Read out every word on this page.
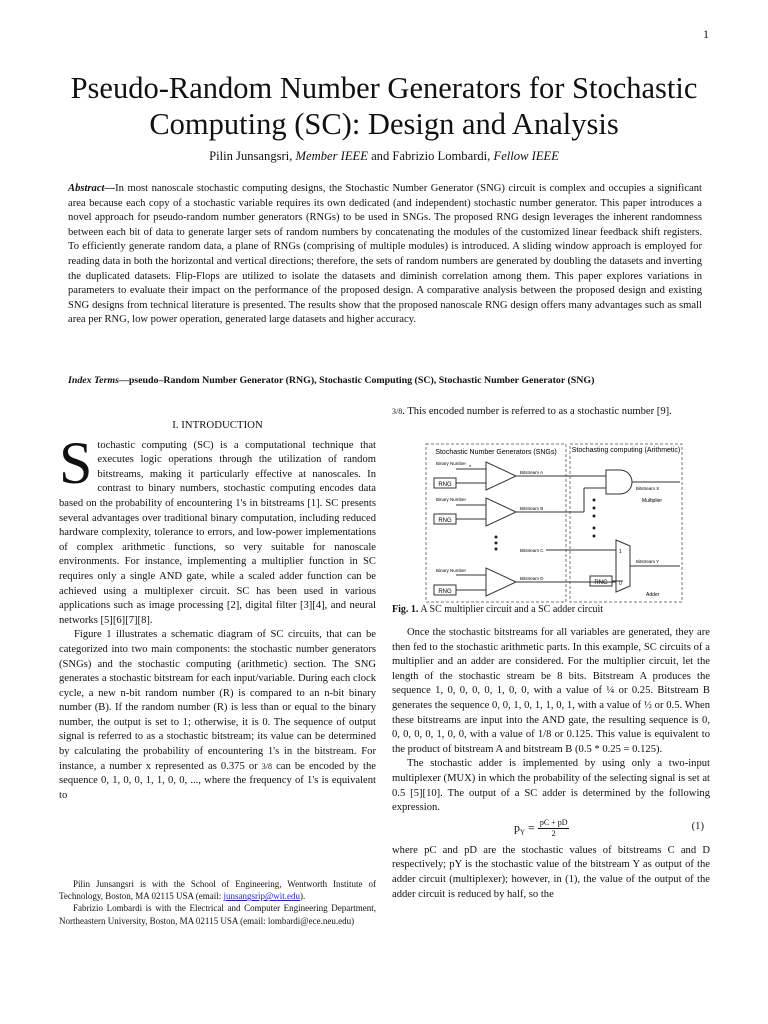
1
Pseudo-Random Number Generators for Stochastic Computing (SC): Design and Analysis
Pilin Junsangsri, Member IEEE and Fabrizio Lombardi, Fellow IEEE
Abstract—In most nanoscale stochastic computing designs, the Stochastic Number Generator (SNG) circuit is complex and occupies a significant area because each copy of a stochastic variable requires its own dedicated (and independent) stochastic number generator. This paper introduces a novel approach for pseudo-random number generators (RNGs) to be used in SNGs. The proposed RNG design leverages the inherent randomness between each bit of data to generate larger sets of random numbers by concatenating the modules of the customized linear feedback shift registers. To efficiently generate random data, a plane of RNGs (comprising of multiple modules) is introduced. A sliding window approach is employed for reading data in both the horizontal and vertical directions; therefore, the sets of random numbers are generated by doubling the datasets and inverting the duplicated datasets. Flip-Flops are utilized to isolate the datasets and diminish correlation among them. This paper explores variations in parameters to evaluate their impact on the performance of the proposed design. A comparative analysis between the proposed design and existing SNG designs from technical literature is presented. The results show that the proposed nanoscale RNG design offers many advantages such as small area per RNG, low power operation, generated large datasets and higher accuracy.
Index Terms—pseudo–Random Number Generator (RNG), Stochastic Computing (SC), Stochastic Number Generator (SNG)

I. INTRODUCTION

Stochastic computing (SC) is a computational technique that executes logic operations through the utilization of random bitstreams, making it particularly effective at nanoscales. In contrast to binary numbers, stochastic computing encodes data based on the probability of encountering 1's in bitstreams [1]. SC presents several advantages over traditional binary computation, including reduced hardware complexity, tolerance to errors, and low-power implementations of complex arithmetic functions, so very suitable for nanoscale environments. For instance, implementing a multiplier function in SC requires only a single AND gate, while a scaled adder function can be achieved using a multiplexer circuit. SC has been used in various applications such as image processing [2], digital filter [3][4], and neural networks [5][6][7][8].

Figure 1 illustrates a schematic diagram of SC circuits, that can be categorized into two main components: the stochastic number generators (SNGs) and the stochastic computing (arithmetic) section. The SNG generates a stochastic bitstream for each input/variable. During each clock cycle, a new n-bit random number (R) is compared to an n-bit binary number (B). If the random number (R) is less than or equal to the binary number, the output is set to 1; otherwise, it is 0. The sequence of output signal is referred to as a stochastic bitstream; its value can be determined by calculating the probability of encountering 1's in the bitstream. For instance, a number x represented as 0.375 or 3/8 can be encoded by the sequence 0, 1, 0, 0, 1, 1, 0, 0, ..., where the frequency of 1's is equivalent to

Pilin Junsangsri is with the School of Engineering, Wentworth Institute of Technology, Boston, MA 02115 USA (email: junsangsrip@wit.edu).

Fabrizio Lombardi is with the Electrical and Computer Engineering Department, Northeastern University, Boston, MA 02115 USA (email: lombardi@ece.neu.edu)

3/8. This encoded number is referred to as a stochastic number [9].
Stochastic Number Generators (SNGs) Stochasting computing (Arithmetic)
Binary Number
RNG
Bitstream A
n
Binary Number
RNG
Bitstream B
Bitstream C
Binary Number
RNG
Bitstream D
Bitstream X
Multiplier
1
0
Bitstream Y
RNG
Adder
Fig. 1. A SC multiplier circuit and a SC adder circuit

Once the stochastic bitstreams for all variables are generated, they are then fed to the stochastic arithmetic parts. In this example, SC circuits of a multiplier and an adder are considered. For the multiplier circuit, let the length of the stochastic stream be 8 bits. Bitstream A produces the sequence 1, 0, 0, 0, 0, 1, 0, 0, with a value of ¼ or 0.25. Bitstream B generates the sequence 0, 0, 1, 0, 1, 1, 0, 1, with a value of ½ or 0.5. When these bitstreams are input into the AND gate, the resulting sequence is 0, 0, 0, 0, 0, 1, 0, 0, with a value of 1/8 or 0.125. This value is equivalent to the product of bitstream A and bitstream B (0.5 * 0.25 = 0.125).

The stochastic adder is implemented by using only a two-input multiplexer (MUX) in which the probability of the selecting signal is set at 0.5 [5][10]. The output of a SC adder is determined by the following expression.

$p_Y = \frac{pC + pD}{2}$	(1)

where pC and pD are the stochastic values of bitstreams C and D respectively; pY is the stochastic value of the bitstream Y as output of the adder circuit (multiplexer); however, in (1), the value of the output of the adder circuit is reduced by half, so the
